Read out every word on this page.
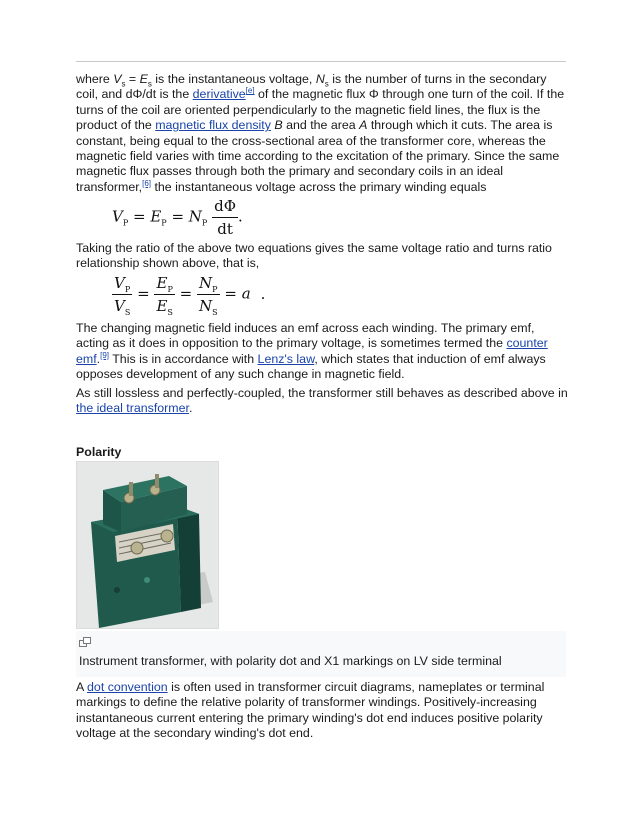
where $V_s = E_s$ is the instantaneous voltage, $N_s$ is the number of turns in the secondary coil, and dΦ/dt is the derivative[e] of the magnetic flux Φ through one turn of the coil. If the turns of the coil are oriented perpendicularly to the magnetic field lines, the flux is the product of the magnetic flux density B and the area A through which it cuts. The area is constant, being equal to the cross-sectional area of the transformer core, whereas the magnetic field varies with time according to the excitation of the primary. Since the same magnetic flux passes through both the primary and secondary coils in an ideal transformer,[6] the instantaneous voltage across the primary winding equals

$V_P = E_P = N_P \frac{d\Phi}{dt}$ .

Taking the ratio of the above two equations gives the same voltage ratio and turns ratio relationship shown above, that is,

$\frac{V_P}{V_S} = \frac{E_P}{E_S} = \frac{N_P}{N_S} = a$ .

The changing magnetic field induces an emf across each winding. The primary emf, acting as it does in opposition to the primary voltage, is sometimes termed the counter emf.[9] This is in accordance with Lenz's law, which states that induction of emf always opposes development of any such change in magnetic field.

As still lossless and perfectly-coupled, the transformer still behaves as described above in the ideal transformer.

Polarity
Instrument transformer, with polarity dot and X1 markings on LV side terminal

A dot convention is often used in transformer circuit diagrams, nameplates or terminal markings to define the relative polarity of transformer windings. Positively-increasing instantaneous current entering the primary winding's dot end induces positive polarity voltage at the secondary winding's dot end.
